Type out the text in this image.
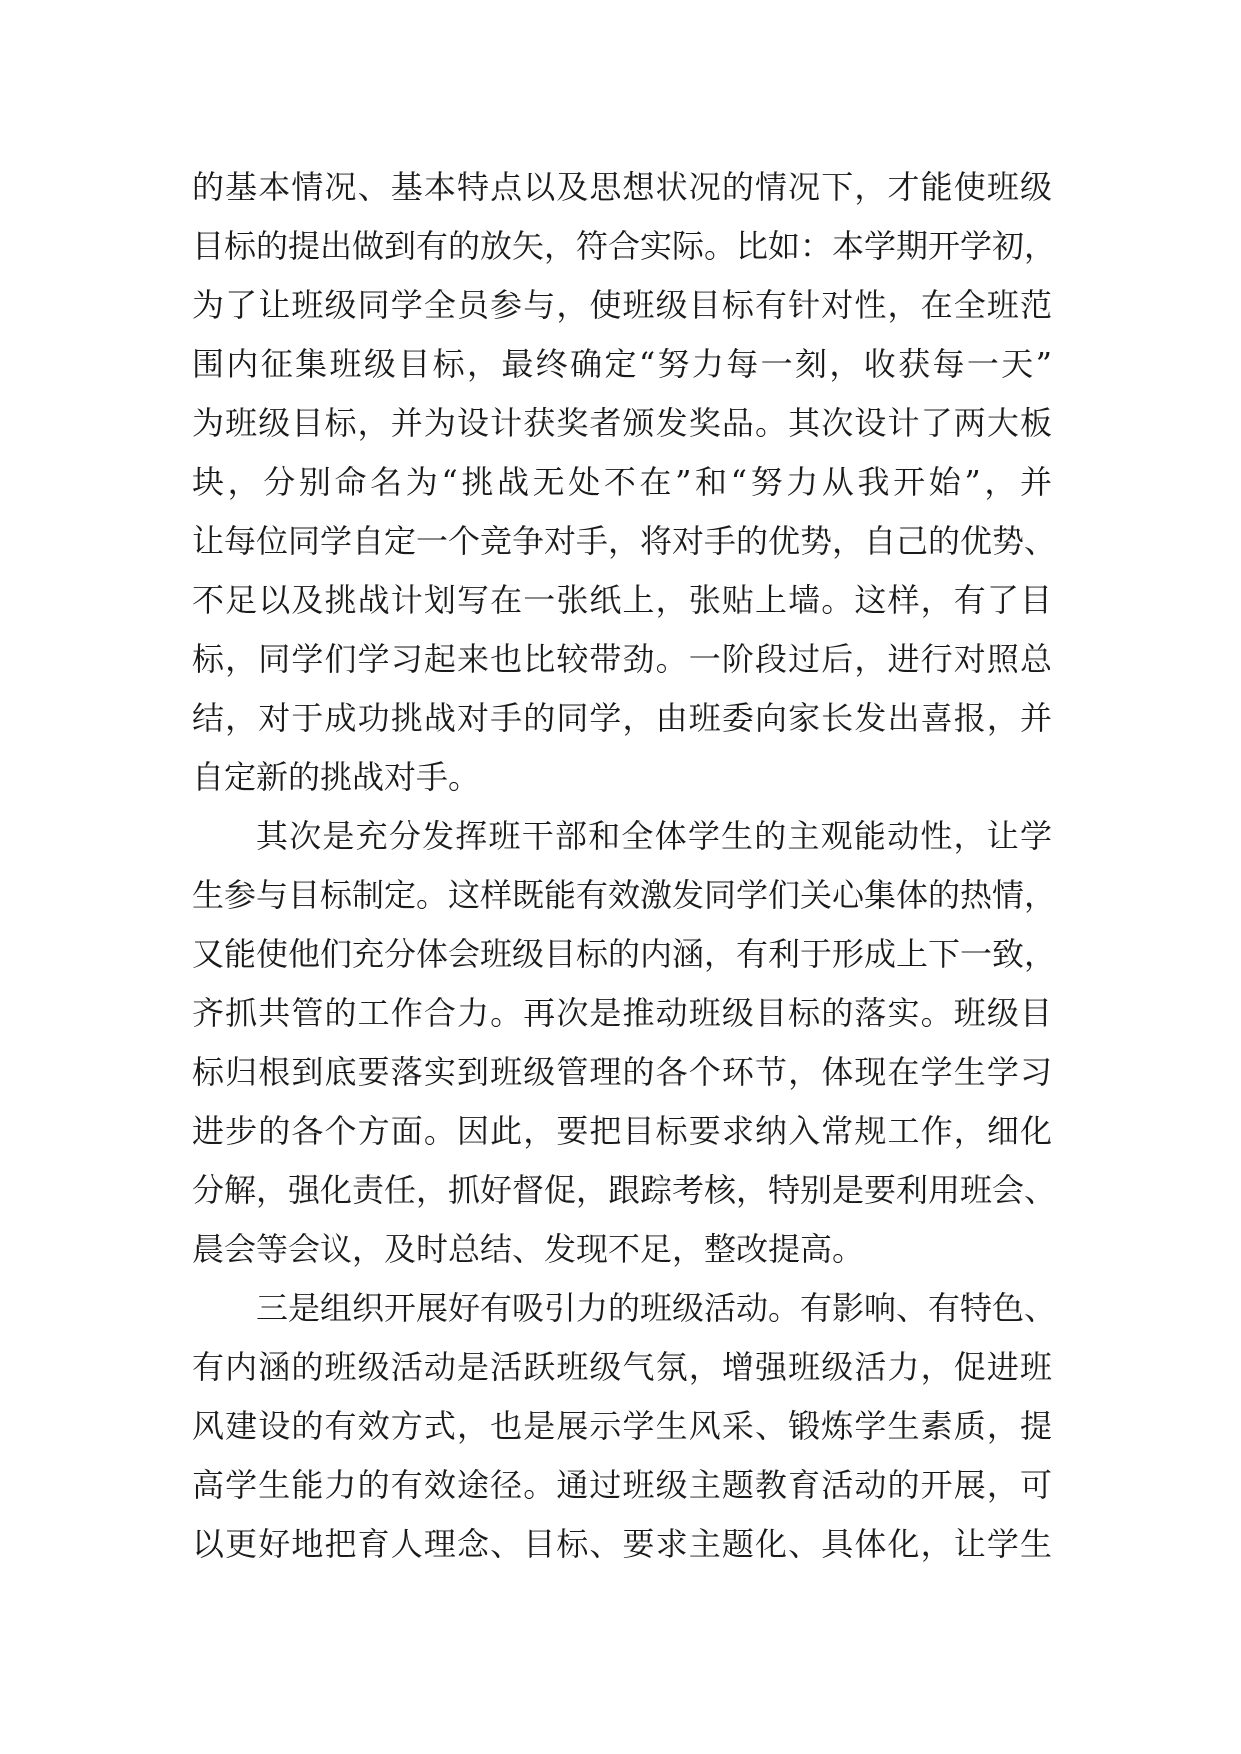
的基本情况、基本特点以及思想状况的情况下，才能使班级
目标的提出做到有的放矢，符合实际。比如：本学期开学初，
为了让班级同学全员参与，使班级目标有针对性，在全班范
围内征集班级目标，最终确定“努力每一刻，收获每一天”
为班级目标，并为设计获奖者颁发奖品。其次设计了两大板
块，分别命名为“挑战无处不在”和“努力从我开始”，并
让每位同学自定一个竞争对手，将对手的优势，自己的优势、
不足以及挑战计划写在一张纸上，张贴上墙。这样，有了目
标，同学们学习起来也比较带劲。一阶段过后，进行对照总
结，对于成功挑战对手的同学，由班委向家长发出喜报，并
自定新的挑战对手。
其次是充分发挥班干部和全体学生的主观能动性，让学
生参与目标制定。这样既能有效激发同学们关心集体的热情，
又能使他们充分体会班级目标的内涵，有利于形成上下一致，
齐抓共管的工作合力。再次是推动班级目标的落实。班级目
标归根到底要落实到班级管理的各个环节，体现在学生学习
进步的各个方面。因此，要把目标要求纳入常规工作，细化
分解，强化责任，抓好督促，跟踪考核，特别是要利用班会、
晨会等会议，及时总结、发现不足，整改提高。
三是组织开展好有吸引力的班级活动。有影响、有特色、
有内涵的班级活动是活跃班级气氛，增强班级活力，促进班
风建设的有效方式，也是展示学生风采、锻炼学生素质，提
高学生能力的有效途径。通过班级主题教育活动的开展，可
以更好地把育人理念、目标、要求主题化、具体化，让学生
